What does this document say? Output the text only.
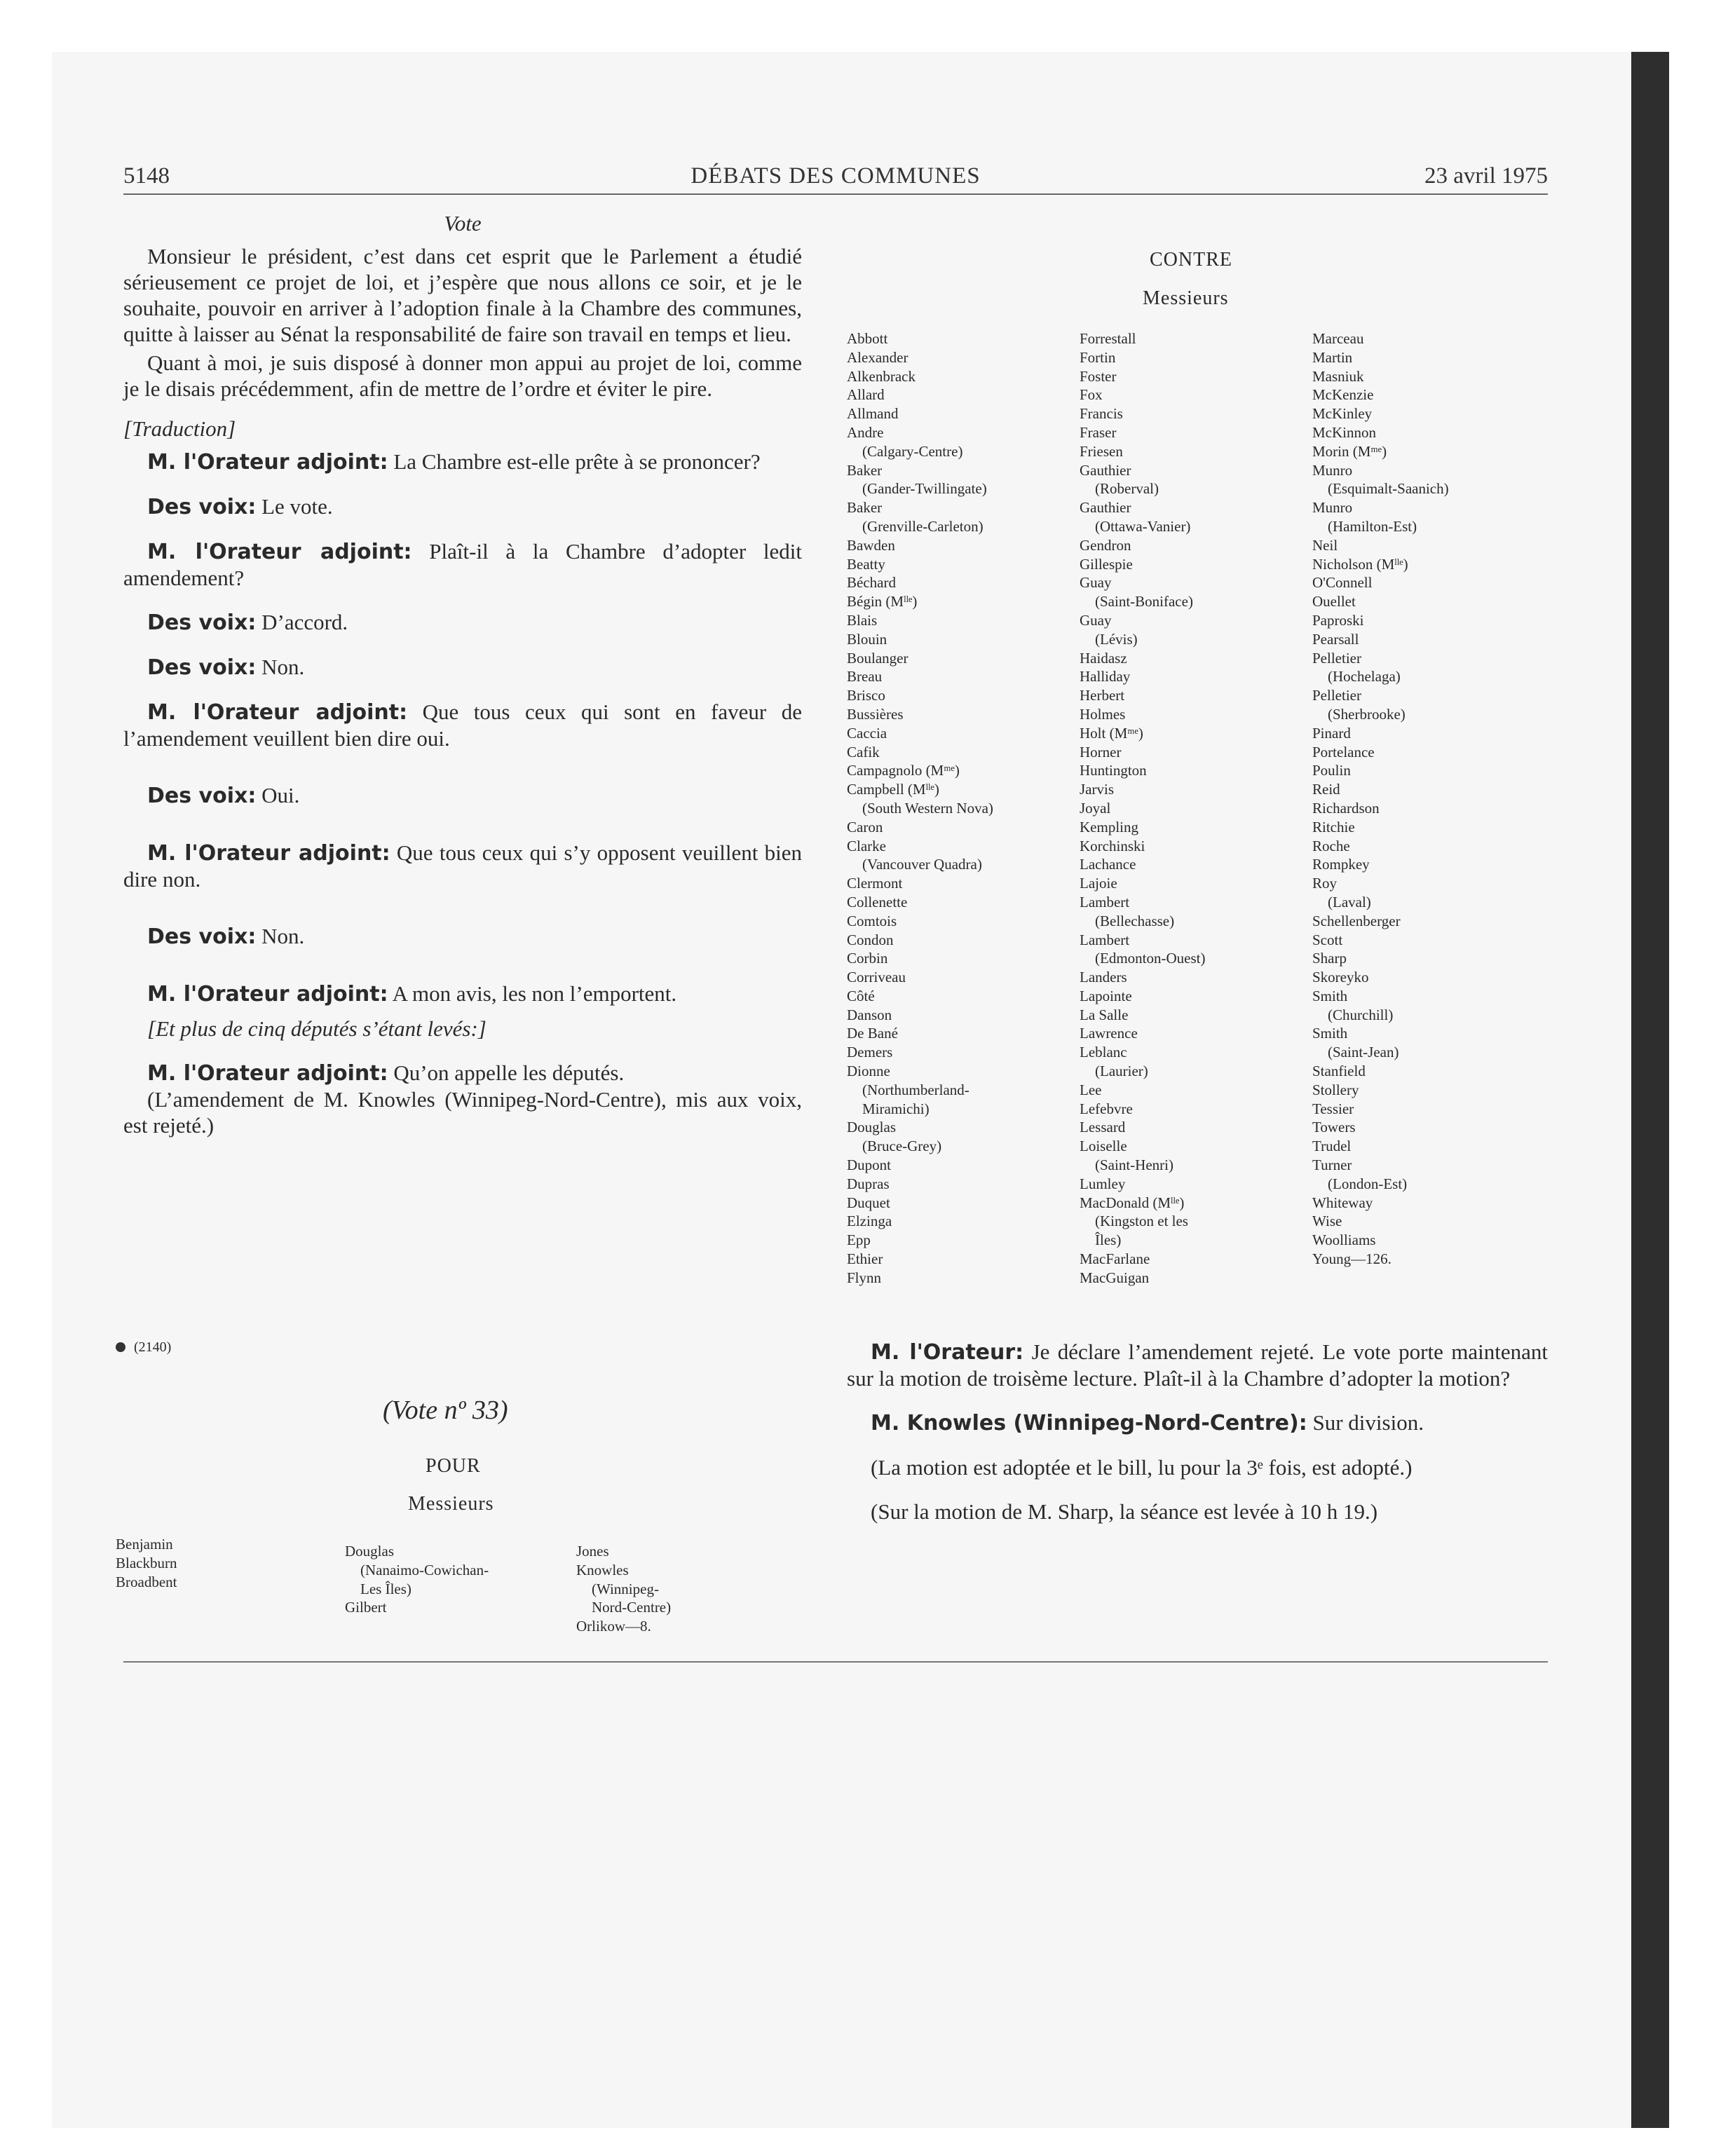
5148	DÉBATS DES COMMUNES	23 avril 1975
Vote

Monsieur le président, c’est dans cet esprit que le Parlement a étudié sérieusement ce projet de loi, et j’espère que nous allons ce soir, et je le souhaite, pouvoir en arriver à l’adoption finale à la Chambre des communes, quitte à laisser au Sénat la responsabilité de faire son travail en temps et lieu.

Quant à moi, je suis disposé à donner mon appui au projet de loi, comme je le disais précédemment, afin de mettre de l’ordre et éviter le pire.

[Traduction]

M. l'Orateur adjoint: La Chambre est-elle prête à se prononcer?

Des voix: Le vote.

M. l'Orateur adjoint: Plaît-il à la Chambre d’adopter ledit amendement?

Des voix: D’accord.

Des voix: Non.

M. l'Orateur adjoint: Que tous ceux qui sont en faveur de l’amendement veuillent bien dire oui.

Des voix: Oui.

M. l'Orateur adjoint: Que tous ceux qui s’y opposent veuillent bien dire non.

Des voix: Non.

M. l'Orateur adjoint: A mon avis, les non l’emportent.

[Et plus de cinq députés s’étant levés:]

M. l'Orateur adjoint: Qu’on appelle les députés.

(L’amendement de M. Knowles (Winnipeg-Nord-Centre), mis aux voix, est rejeté.)

CONTRE
Messieurs
Abbott
Alexander
Alkenbrack
Allard
Allmand
Andre
(Calgary-Centre)
Baker
(Gander-Twillingate)
Baker
(Grenville-Carleton)
Bawden
Beatty
Béchard
Bégin (Mˡˡᵉ)
Blais
Blouin
Boulanger
Breau
Brisco
Bussières
Caccia
Cafik
Campagnolo (Mᵐᵉ)
Campbell (Mˡˡᵉ)
(South Western Nova)
Caron
Clarke
(Vancouver Quadra)
Clermont
Collenette
Comtois
Condon
Corbin
Corriveau
Côté
Danson
De Bané
Demers
Dionne
(Northumberland-
Miramichi)
Douglas
(Bruce-Grey)
Dupont
Dupras
Duquet
Elzinga
Epp
Ethier
Flynn
Forrestall
Fortin
Foster
Fox
Francis
Fraser
Friesen
Gauthier
(Roberval)
Gauthier
(Ottawa-Vanier)
Gendron
Gillespie
Guay
(Saint-Boniface)
Guay
(Lévis)
Haidasz
Halliday
Herbert
Holmes
Holt (Mᵐᵉ)
Horner
Huntington
Jarvis
Joyal
Kempling
Korchinski
Lachance
Lajoie
Lambert
(Bellechasse)
Lambert
(Edmonton-Ouest)
Landers
Lapointe
La Salle
Lawrence
Leblanc
(Laurier)
Lee
Lefebvre
Lessard
Loiselle
(Saint-Henri)
Lumley
MacDonald (Mˡˡᵉ)
(Kingston et les
Îles)
MacFarlane
MacGuigan
Marceau
Martin
Masniuk
McKenzie
McKinley
McKinnon
Morin (Mᵐᵉ)
Munro
(Esquimalt-Saanich)
Munro
(Hamilton-Est)
Neil
Nicholson (Mˡˡᵉ)
O'Connell
Ouellet
Paproski
Pearsall
Pelletier
(Hochelaga)
Pelletier
(Sherbrooke)
Pinard
Portelance
Poulin
Reid
Richardson
Ritchie
Roche
Rompkey
Roy
(Laval)
Schellenberger
Scott
Sharp
Skoreyko
Smith
(Churchill)
Smith
(Saint-Jean)
Stanfield
Stollery
Tessier
Towers
Trudel
Turner
(London-Est)
Whiteway
Wise
Woolliams
Young—126.
(2140)
(Vote nº 33)
POUR
Messieurs
Benjamin
Blackburn
Broadbent
Douglas
(Nanaimo-Cowichan-
Les Îles)
Gilbert
Jones
Knowles
(Winnipeg-
Nord-Centre)
Orlikow—8.

M. l'Orateur: Je déclare l’amendement rejeté. Le vote porte maintenant sur la motion de troisème lecture. Plaît-il à la Chambre d’adopter la motion?

M. Knowles (Winnipeg-Nord-Centre): Sur division.

(La motion est adoptée et le bill, lu pour la 3ᵉ fois, est adopté.)

(Sur la motion de M. Sharp, la séance est levée à 10 h 19.)
